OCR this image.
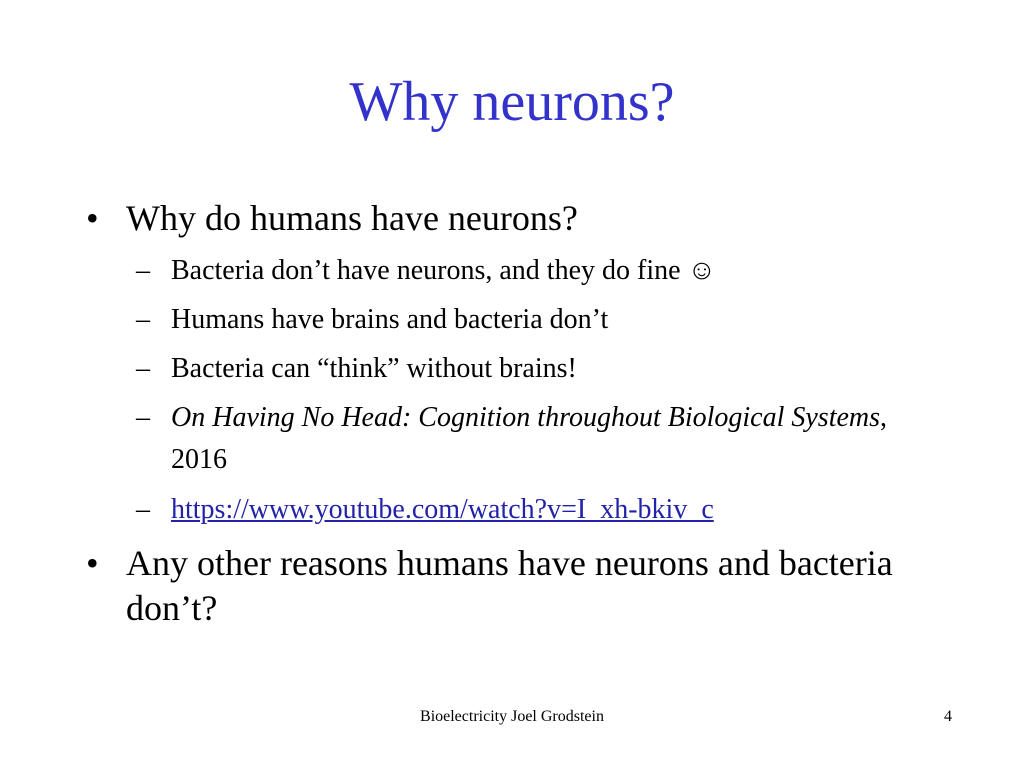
Why neurons?
• Why do humans have neurons?
– Bacteria don’t have neurons, and they do fine ☺
– Humans have brains and bacteria don’t
– Bacteria can “think” without brains!
– On Having No Head: Cognition throughout Biological Systems, 2016
– https://www.youtube.com/watch?v=I_xh-bkiv_c
• Any other reasons humans have neurons and bacteria don’t?
Bioelectricity Joel Grodstein	4
